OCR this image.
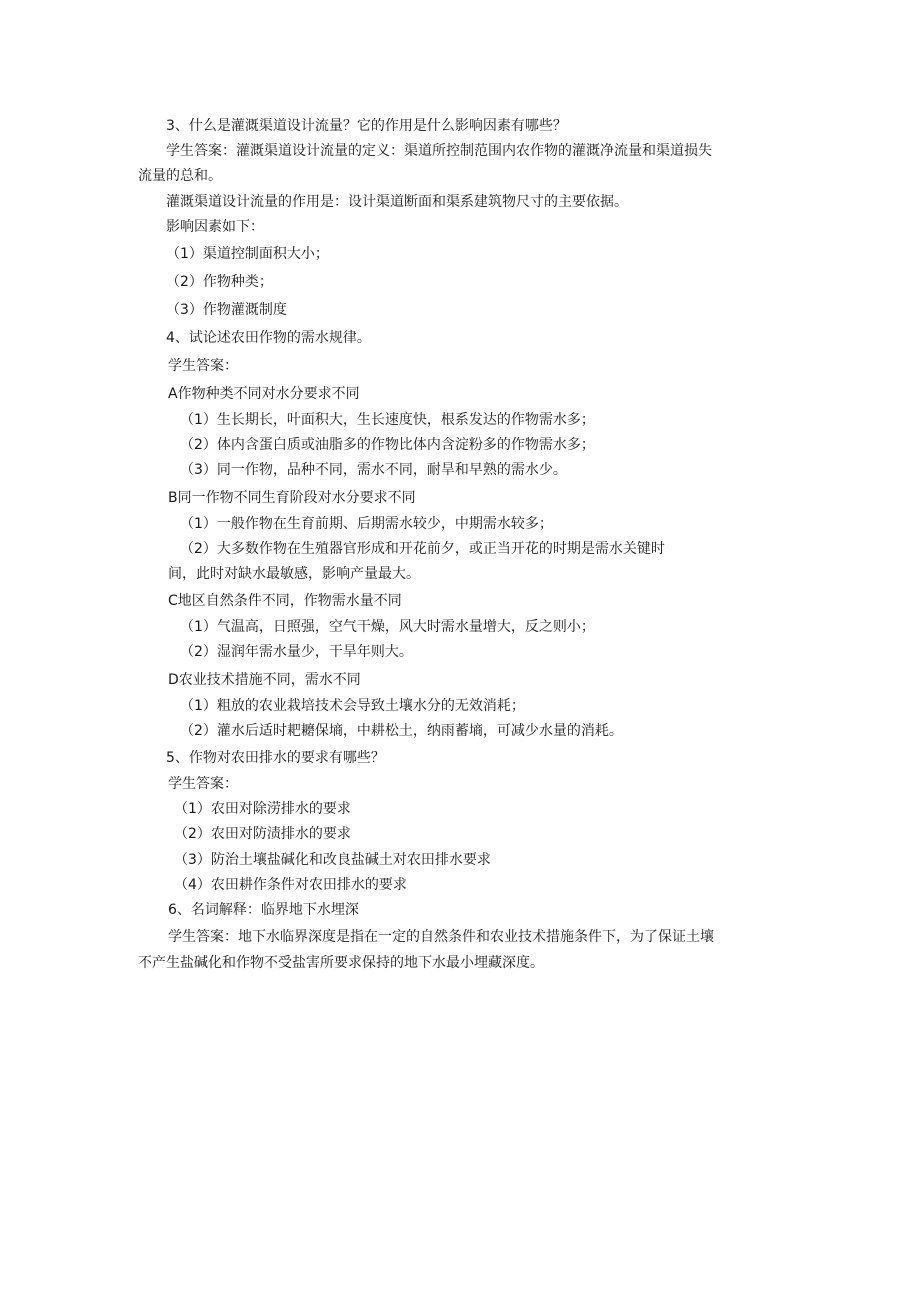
3、什么是灌溉渠道设计流量？它的作用是什么影响因素有哪些？
学生答案：灌溉渠道设计流量的定义：渠道所控制范围内农作物的灌溉净流量和渠道损失
流量的总和。
灌溉渠道设计流量的作用是：设计渠道断面和渠系建筑物尺寸的主要依据。
影响因素如下：
（1）渠道控制面积大小；
（2）作物种类；
（3）作物灌溉制度
4、试论述农田作物的需水规律。
学生答案：
A作物种类不同对水分要求不同
（1）生长期长，叶面积大，生长速度快，根系发达的作物需水多；
（2）体内含蛋白质或油脂多的作物比体内含淀粉多的作物需水多；
（3）同一作物，品种不同，需水不同，耐旱和早熟的需水少。
B同一作物不同生育阶段对水分要求不同
（1）一般作物在生育前期、后期需水较少，中期需水较多；
（2）大多数作物在生殖器官形成和开花前夕，或正当开花的时期是需水关键时
间，此时对缺水最敏感，影响产量最大。
C地区自然条件不同，作物需水量不同
（1）气温高，日照强，空气干燥，风大时需水量增大，反之则小；
（2）湿润年需水量少，干旱年则大。
D农业技术措施不同，需水不同
（1）粗放的农业栽培技术会导致土壤水分的无效消耗；
（2）灌水后适时耙耱保墒，中耕松土，纳雨蓄墒，可减少水量的消耗。
5、作物对农田排水的要求有哪些？
学生答案：
（1）农田对除涝排水的要求
（2）农田对防渍排水的要求
（3）防治土壤盐碱化和改良盐碱土对农田排水要求
（4）农田耕作条件对农田排水的要求
6、名词解释：临界地下水埋深
学生答案：地下水临界深度是指在一定的自然条件和农业技术措施条件下，为了保证土壤
不产生盐碱化和作物不受盐害所要求保持的地下水最小埋藏深度。
